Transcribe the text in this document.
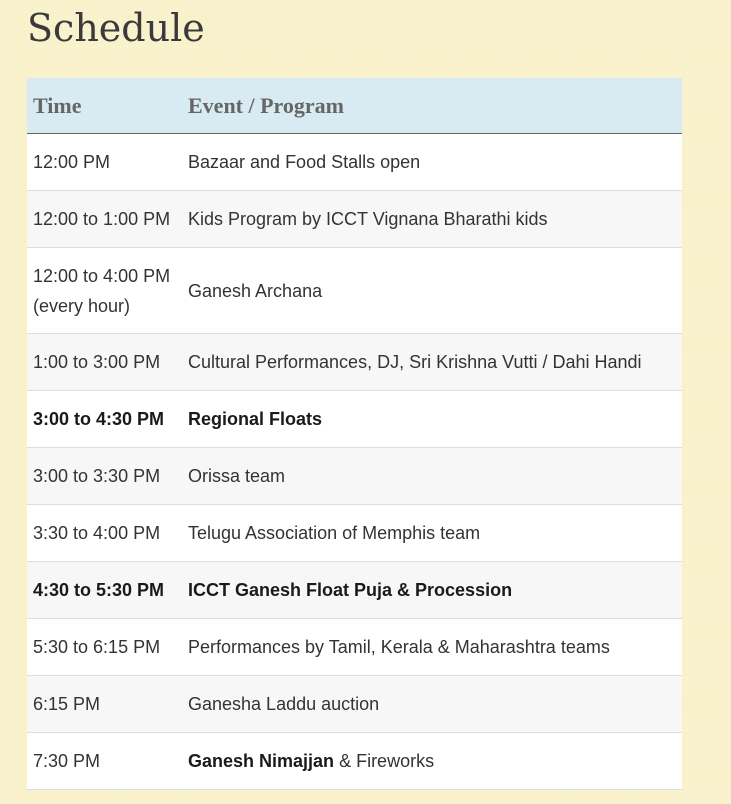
Schedule
Time	Event / Program
12:00 PM	Bazaar and Food Stalls open
12:00 to 1:00 PM	Kids Program by ICCT Vignana Bharathi kids
12:00 to 4:00 PM
(every hour)	Ganesh Archana
1:00 to 3:00 PM	Cultural Performances, DJ, Sri Krishna Vutti / Dahi Handi
3:00 to 4:30 PM	Regional Floats
3:00 to 3:30 PM	Orissa team
3:30 to 4:00 PM	Telugu Association of Memphis team
4:30 to 5:30 PM	ICCT Ganesh Float Puja & Procession
5:30 to 6:15 PM	Performances by Tamil, Kerala & Maharashtra teams
6:15 PM	Ganesha Laddu auction
7:30 PM	Ganesh Nimajjan & Fireworks
